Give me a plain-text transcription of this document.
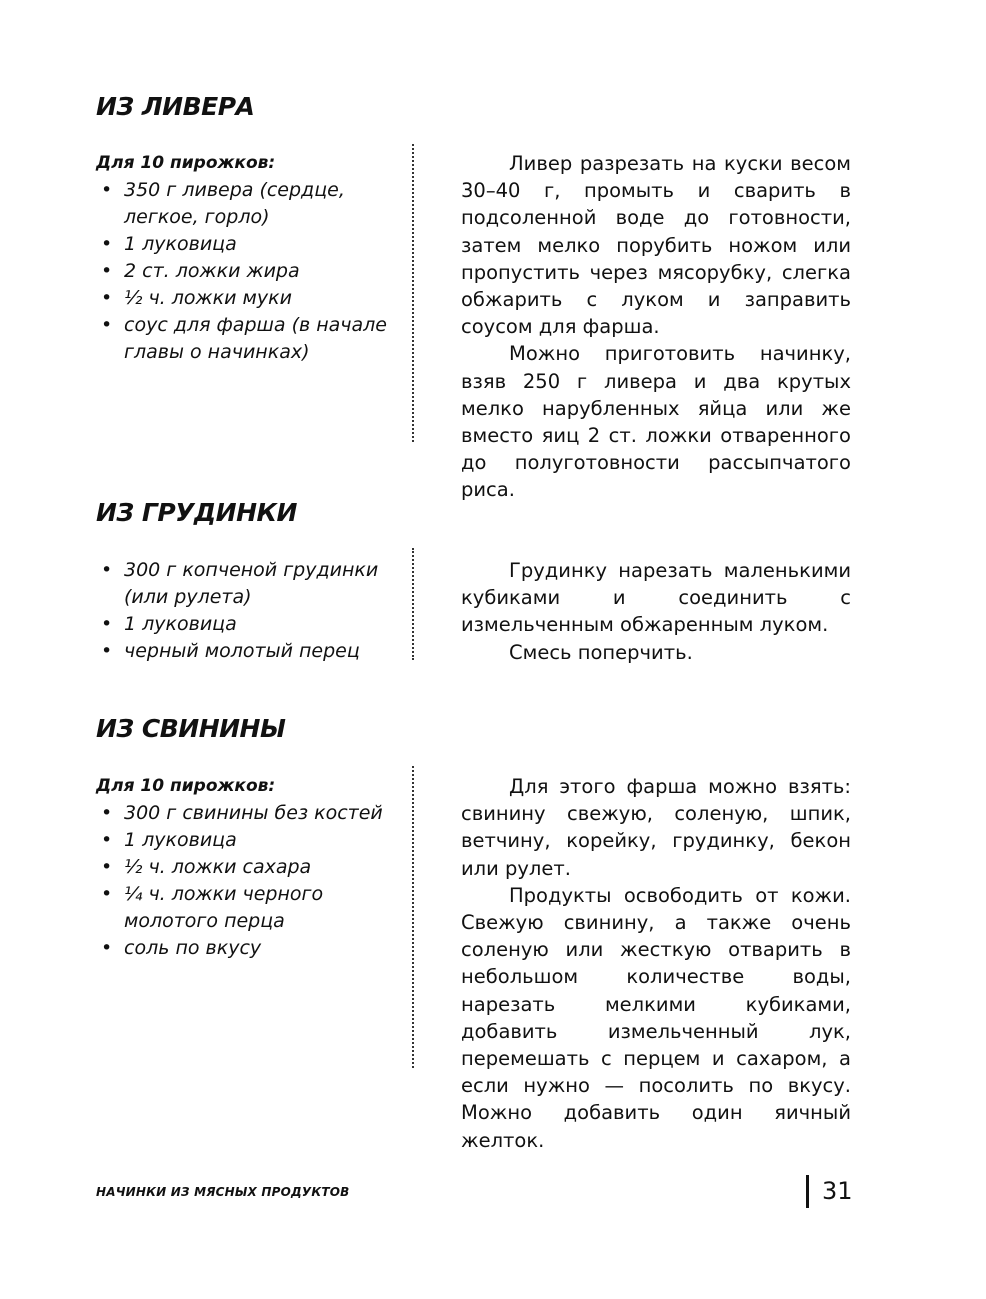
ИЗ ЛИВЕРА
Для 10 пирожков:
• 350 г ливера (сердце, легкое, горло)
• 1 луковица
• 2 ст. ложки жира
• ½ ч. ложки муки
• соус для фарша (в начале главы о начинках)

Ливер разрезать на куски весом 30–40 г, промыть и сварить в подсоленной воде до готовности, затем мелко порубить ножом или пропустить через мясорубку, слегка обжарить с луком и заправить соусом для фарша.

Можно приготовить начинку, взяв 250 г ливера и два крутых мелко нарубленных яйца или же вместо яиц 2 ст. ложки отваренного до полуготовности рассыпчатого риса.

ИЗ ГРУДИНКИ
• 300 г копченой грудинки (или рулета)
• 1 луковица
• черный молотый перец

Грудинку нарезать маленькими кубиками и соединить с измельченным обжаренным луком.

Смесь поперчить.

ИЗ СВИНИНЫ
Для 10 пирожков:
• 300 г свинины без костей
• 1 луковица
• ½ ч. ложки сахара
• ¼ ч. ложки черного молотого перца
• соль по вкусу

Для этого фарша можно взять: свинину свежую, соленую, шпик, ветчину, корейку, грудинку, бекон или рулет.

Продукты освободить от кожи. Свежую свинину, а также очень соленую или жесткую отварить в небольшом количестве воды, нарезать мелкими кубиками, добавить измельченный лук, перемешать с перцем и сахаром, а если нужно — посолить по вкусу. Можно добавить один яичный желток.

НАЧИНКИ ИЗ МЯСНЫХ ПРОДУКТОВ	31
